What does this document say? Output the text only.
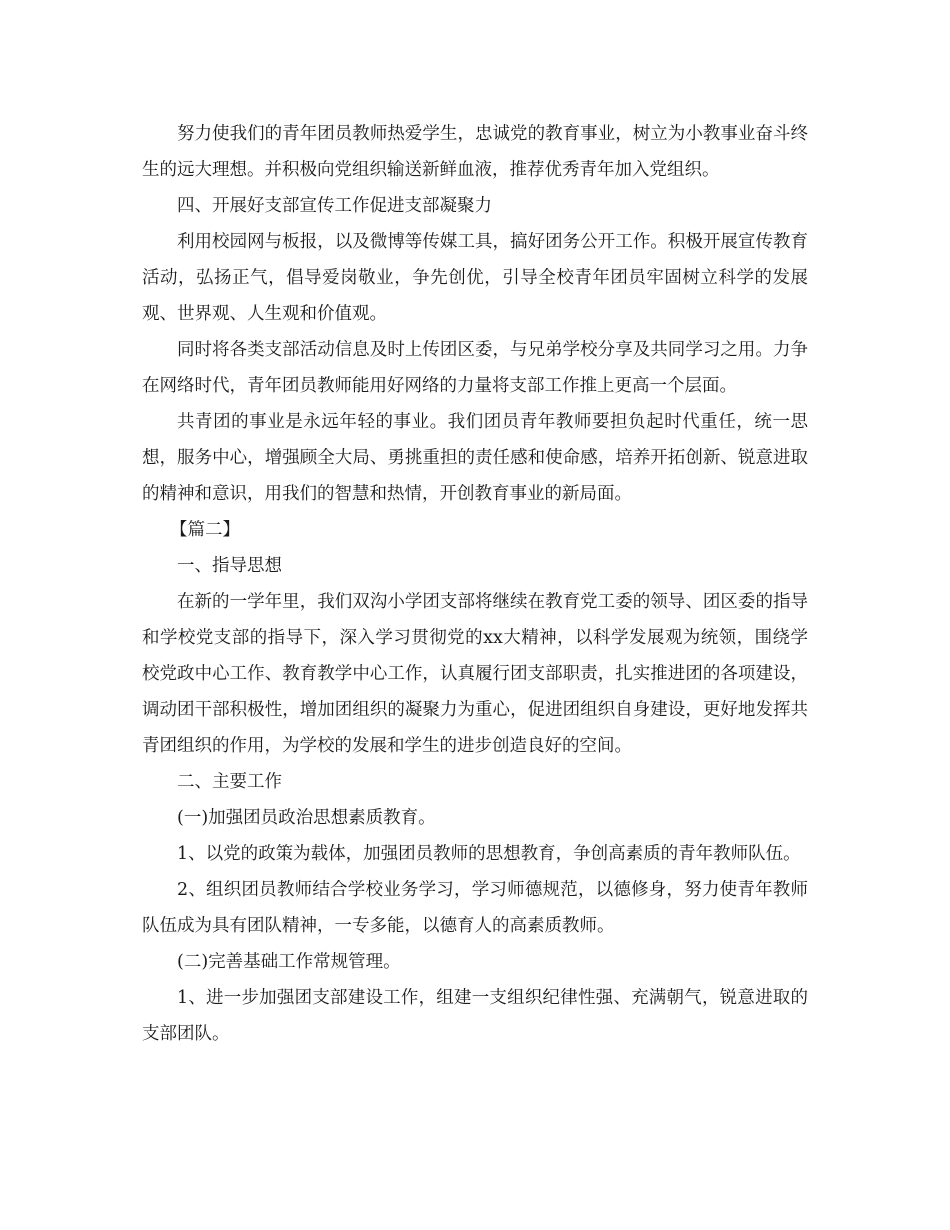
努力使我们的青年团员教师热爱学生，忠诚党的教育事业，树立为小教事业奋斗终生的远大理想。并积极向党组织输送新鲜血液，推荐优秀青年加入党组织。

四、开展好支部宣传工作促进支部凝聚力

利用校园网与板报，以及微博等传媒工具，搞好团务公开工作。积极开展宣传教育活动，弘扬正气，倡导爱岗敬业，争先创优，引导全校青年团员牢固树立科学的发展观、世界观、人生观和价值观。

同时将各类支部活动信息及时上传团区委，与兄弟学校分享及共同学习之用。力争在网络时代，青年团员教师能用好网络的力量将支部工作推上更高一个层面。

共青团的事业是永远年轻的事业。我们团员青年教师要担负起时代重任，统一思想，服务中心，增强顾全大局、勇挑重担的责任感和使命感，培养开拓创新、锐意进取的精神和意识，用我们的智慧和热情，开创教育事业的新局面。

【篇二】

一、指导思想

在新的一学年里，我们双沟小学团支部将继续在教育党工委的领导、团区委的指导和学校党支部的指导下，深入学习贯彻党的xx大精神，以科学发展观为统领，围绕学校党政中心工作、教育教学中心工作，认真履行团支部职责，扎实推进团的各项建设，调动团干部积极性，增加团组织的凝聚力为重心，促进团组织自身建设，更好地发挥共青团组织的作用，为学校的发展和学生的进步创造良好的空间。

二、主要工作

(一)加强团员政治思想素质教育。

1、以党的政策为载体，加强团员教师的思想教育，争创高素质的青年教师队伍。

2、组织团员教师结合学校业务学习，学习师德规范，以德修身，努力使青年教师队伍成为具有团队精神，一专多能，以德育人的高素质教师。

(二)完善基础工作常规管理。

1、进一步加强团支部建设工作，组建一支组织纪律性强、充满朝气，锐意进取的支部团队。
